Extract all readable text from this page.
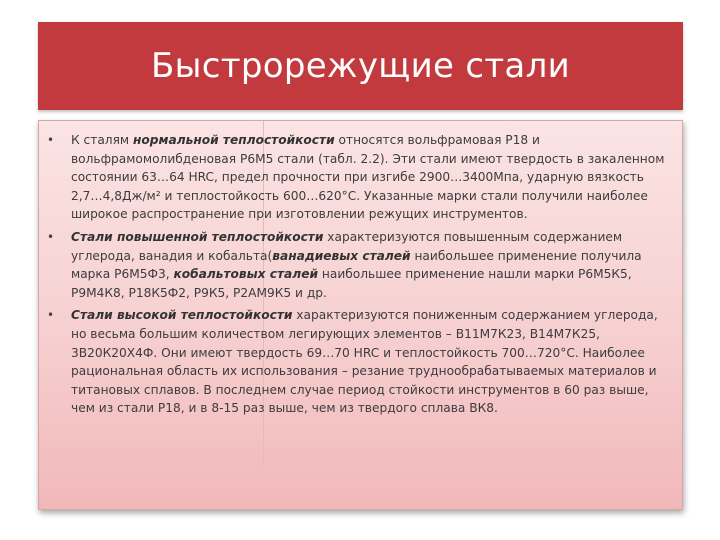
Быстрорежущие стали
• К сталям нормальной теплостойкости относятся вольфрамовая Р18 и вольфрамомолибденовая Р6М5 стали (табл. 2.2). Эти стали имеют твердость в закаленном состоянии 63…64 HRC, предел прочности при изгибе 2900…3400Мпа, ударную вязкость 2,7…4,8Дж/м² и теплостойкость 600…620°С. Указанные марки стали получили наиболее широкое распространение при изготовлении режущих инструментов.
• Стали повышенной теплостойкости характеризуются повышенным содержанием углерода, ванадия и кобальта(ванадиевых сталей наибольшее применение получила марка Р6М5Ф3, кобальтовых сталей наибольшее применение нашли марки Р6М5К5, Р9М4К8, Р18К5Ф2, Р9К5, Р2АМ9К5 и др.
• Стали высокой теплостойкости характеризуются пониженным содержанием углерода, но весьма большим количеством легирующих элементов – В11М7К23, В14М7К25, 3В20К20Х4Ф. Они имеют твердость 69…70 HRC и теплостойкость 700…720°С. Наиболее рациональная область их использования – резание труднообрабатываемых материалов и титановых сплавов. В последнем случае период стойкости инструментов в 60 раз выше, чем из стали Р18, и в 8-15 раз выше, чем из твердого сплава ВК8.
